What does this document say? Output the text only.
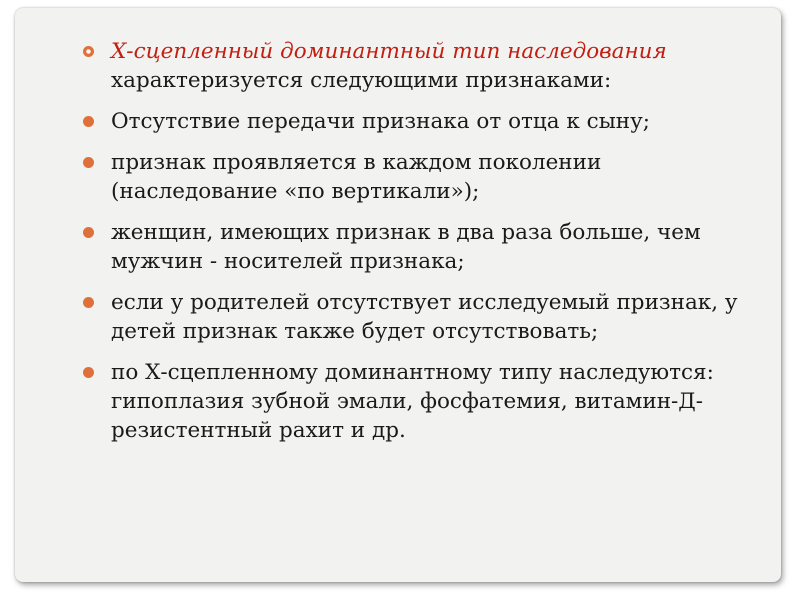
Х-сцепленный доминантный тип наследования
характеризуется следующими признаками:
Отсутствие передачи признака от отца к сыну;
признак проявляется в каждом поколении (наследование «по вертикали»);
женщин, имеющих признак в два раза больше, чем мужчин - носителей признака;
если у родителей отсутствует исследуемый признак, у детей признак также будет отсутствовать;
по Х-сцепленному доминантному типу наследуются: гипоплазия зубной эмали, фосфатемия, витамин-Д-резистентный рахит и др.
